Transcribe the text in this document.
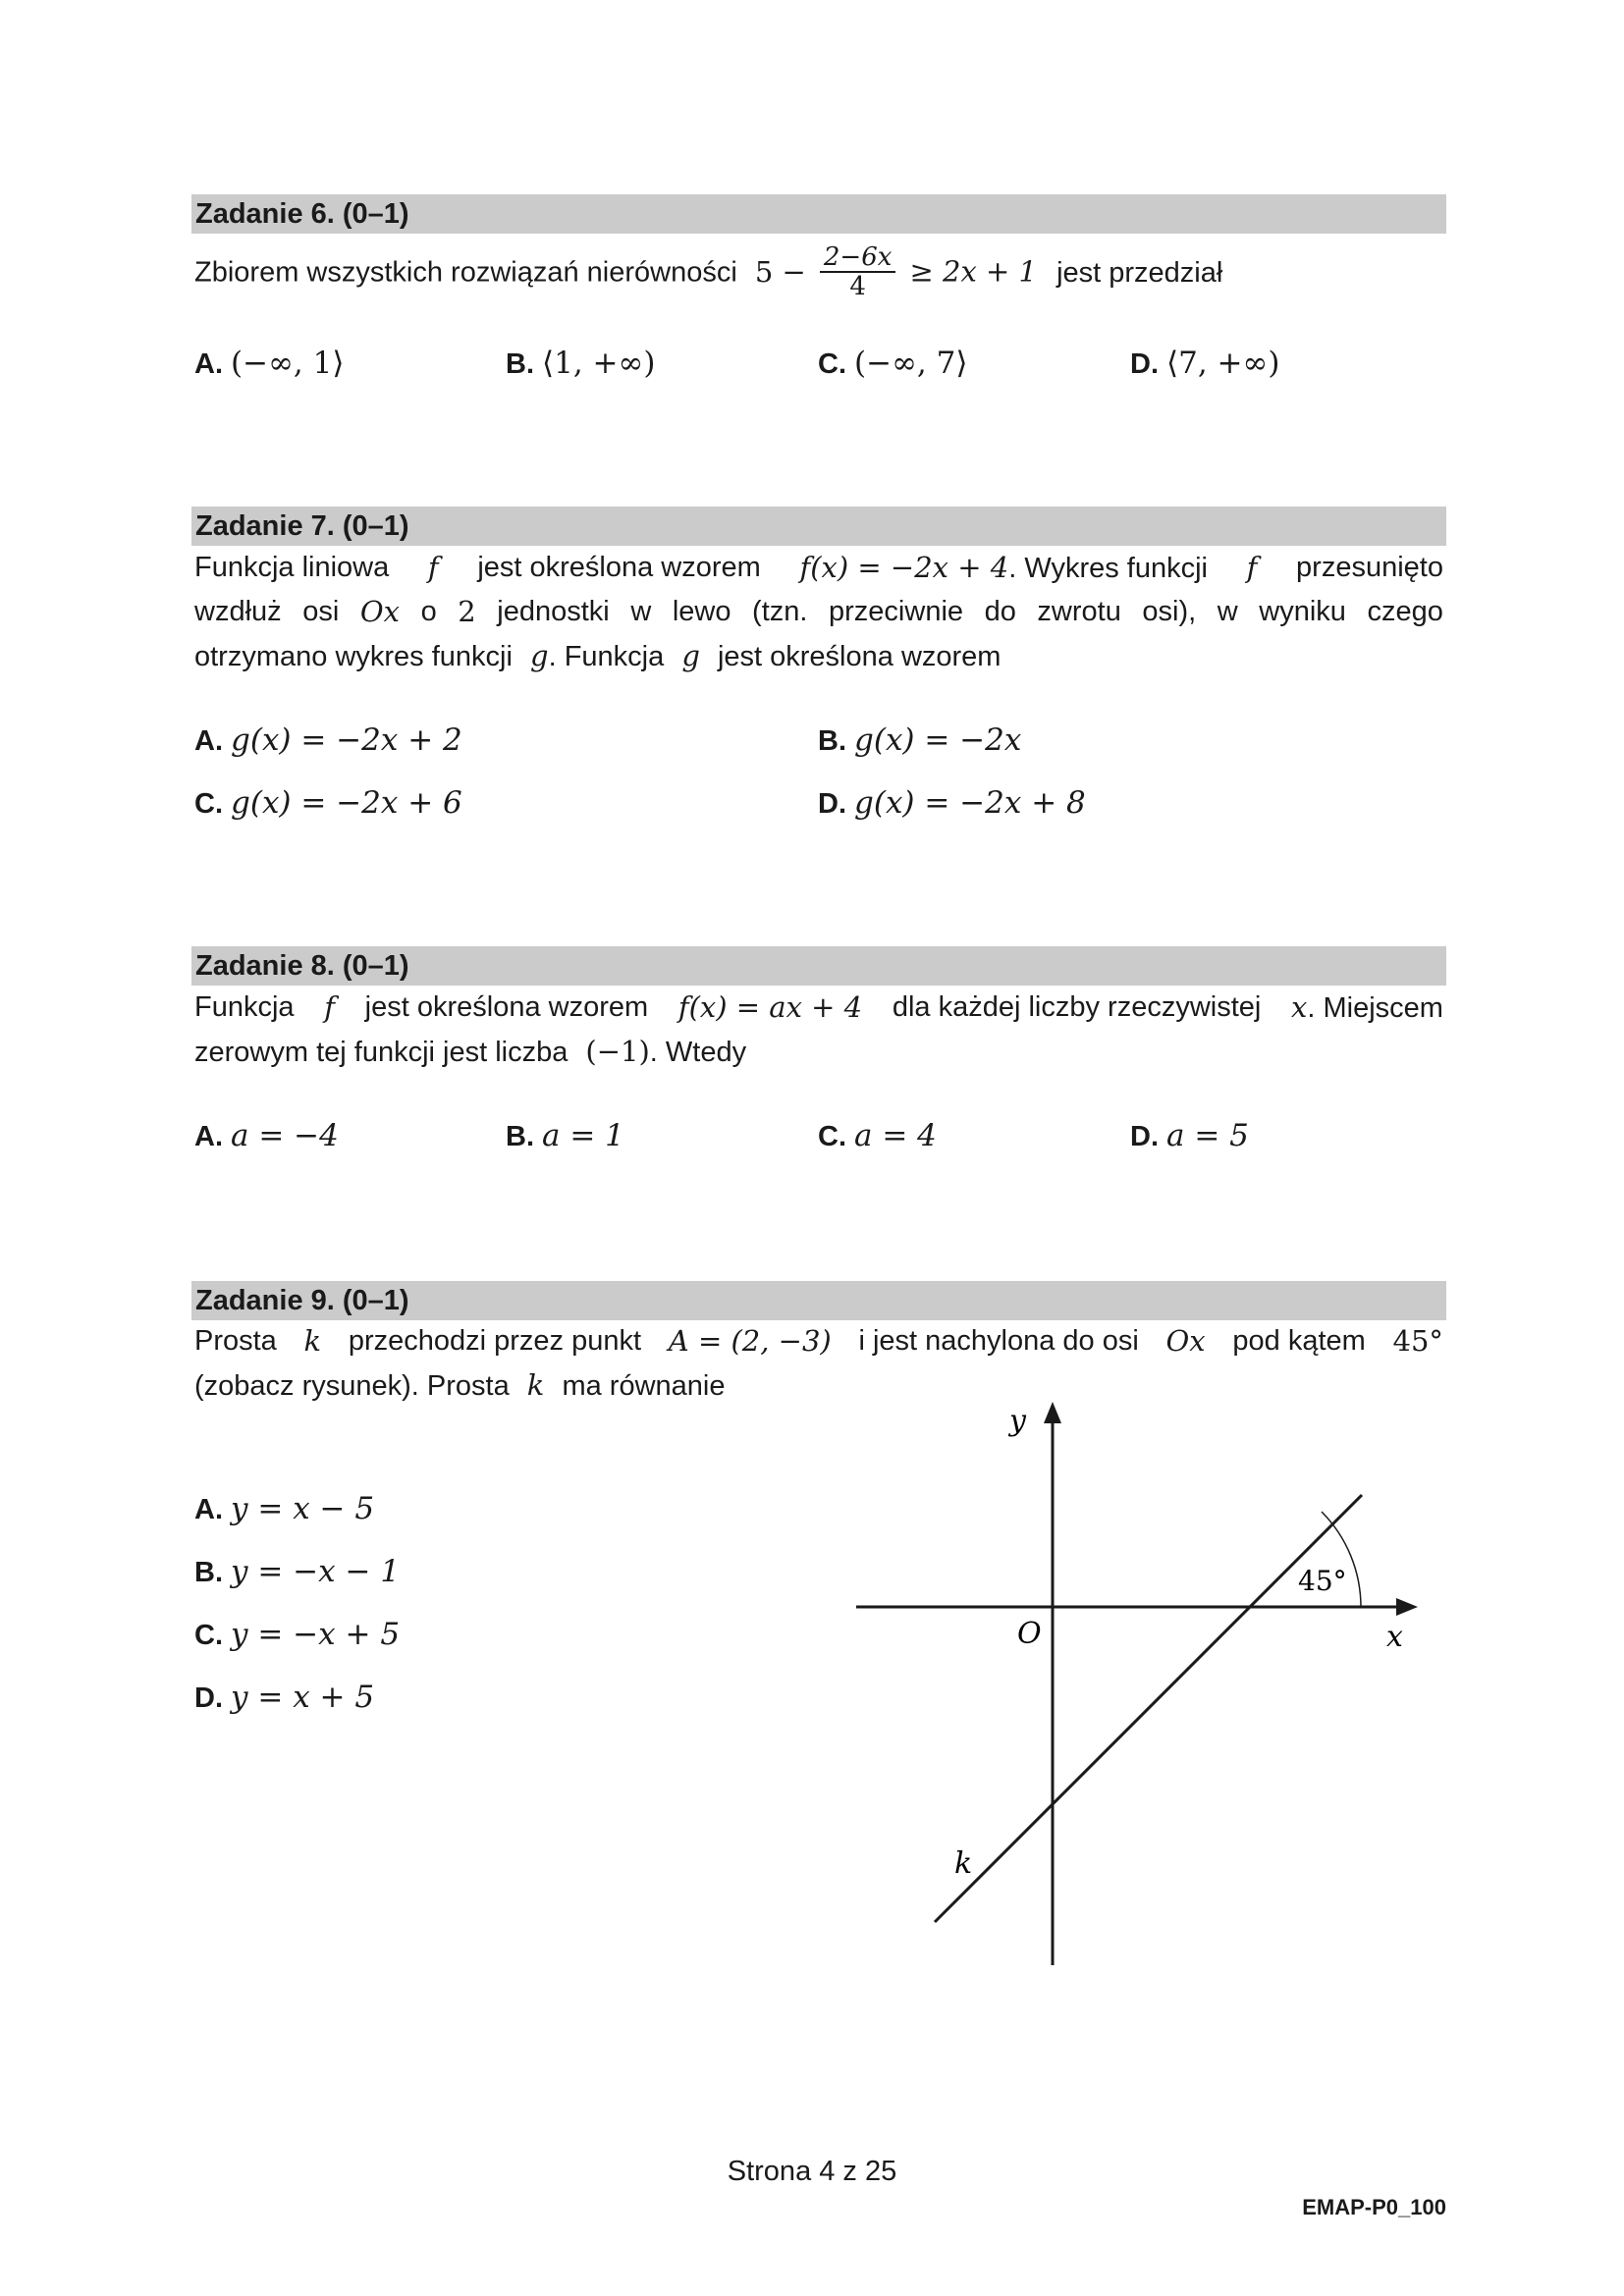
Zadanie 6. (0–1)
Zbiorem wszystkich rozwiązań nierówności $5 - \frac{2-6x}{4} \ge 2x + 1$ jest przedział
A. (−∞, 1⟩	B. ⟨1, +∞)	C. (−∞, 7⟩	D. ⟨7, +∞)
Zadanie 7. (0–1)
Funkcja liniowa f jest określona wzorem f(x) = −2x + 4. Wykres funkcji f przesunięto
wzdłuż osi Ox o 2 jednostki w lewo (tzn. przeciwnie do zwrotu osi), w wyniku czego
otrzymano wykres funkcji g. Funkcja g jest określona wzorem
A. g(x) = −2x + 2	B. g(x) = −2x
C. g(x) = −2x + 6	D. g(x) = −2x + 8
Zadanie 8. (0–1)
Funkcja f jest określona wzorem f(x) = ax + 4 dla każdej liczby rzeczywistej x. Miejscem
zerowym tej funkcji jest liczba (−1). Wtedy
A. a = −4	B. a = 1	C. a = 4	D. a = 5
Zadanie 9. (0–1)
Prosta k przechodzi przez punkt A = (2, −3) i jest nachylona do osi Ox pod kątem 45°
(zobacz rysunek). Prosta k ma równanie
A. y = x − 5
B. y = −x − 1
C. y = −x + 5
D. y = x + 5
y
x
O
k
45°
Strona 4 z 25
EMAP-P0_100
